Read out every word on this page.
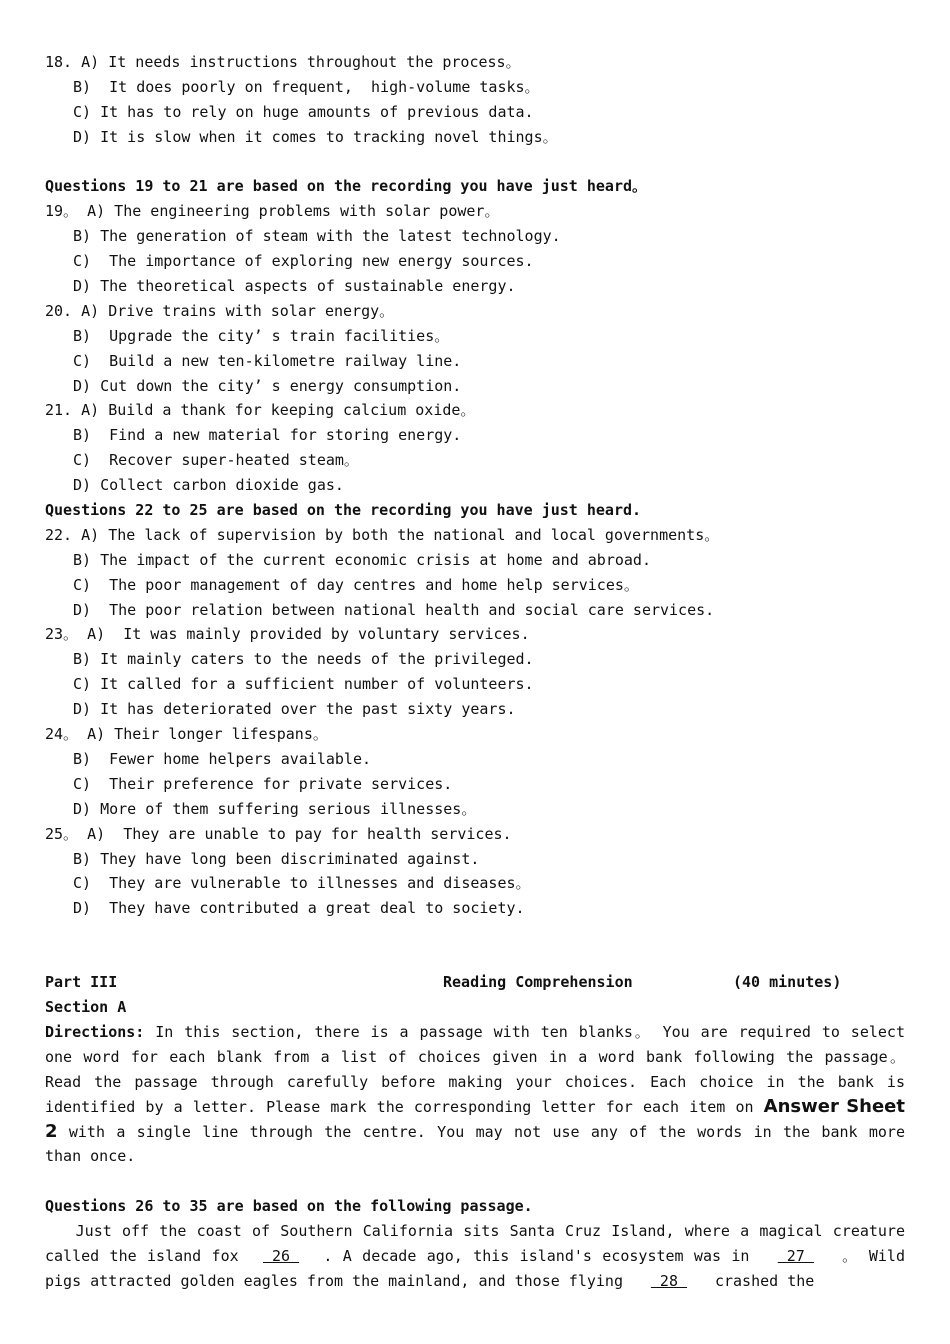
18. A) It needs instructions throughout the process。
B)  It does poorly on frequent,  high-volume tasks。
C) It has to rely on huge amounts of previous data.
D) It is slow when it comes to tracking novel things。
Questions 19 to 21 are based on the recording you have just heard。
19。 A) The engineering problems with solar power。
B) The generation of steam with the latest technology.
C)  The importance of exploring new energy sources.
D) The theoretical aspects of sustainable energy.
20. A) Drive trains with solar energy。
B)  Upgrade the city’ s train facilities。
C)  Build a new ten-kilometre railway line.
D) Cut down the city’ s energy consumption.
21. A) Build a thank for keeping calcium oxide。
B)  Find a new material for storing energy.
C)  Recover super-heated steam。
D) Collect carbon dioxide gas.
Questions 22 to 25 are based on the recording you have just heard.
22. A) The lack of supervision by both the national and local governments。
B) The impact of the current economic crisis at home and abroad.
C)  The poor management of day centres and home help services。
D)  The poor relation between national health and social care services.
23。 A)  It was mainly provided by voluntary services.
B) It mainly caters to the needs of the privileged.
C) It called for a sufficient number of volunteers.
D) It has deteriorated over the past sixty years.
24。 A) Their longer lifespans。
B)  Fewer home helpers available.
C)  Their preference for private services.
D) More of them suffering serious illnesses。
25。 A)  They are unable to pay for health services.
B) They have long been discriminated against.
C)  They are vulnerable to illnesses and diseases。
D)  They have contributed a great deal to society.
Part III	Reading Comprehension	(40 minutes)
Section A
Directions: In this section, there is a passage with ten blanks。 You are required to select one word for each blank from a list of choices given in a word bank following the passage。 Read the passage through carefully before making your choices. Each choice in the bank is identified by a letter. Please mark the corresponding letter for each item on Answer Sheet 2 with a single line through the centre. You may not use any of the words in the bank more than once.
Questions 26 to 35 are based on the following passage.
Just off the coast of Southern California sits Santa Cruz Island, where a magical creature called the island fox  26  . A decade ago, this island's ecosystem was in  27  。 Wild pigs attracted golden eagles from the mainland, and those flying 28 crashed the
